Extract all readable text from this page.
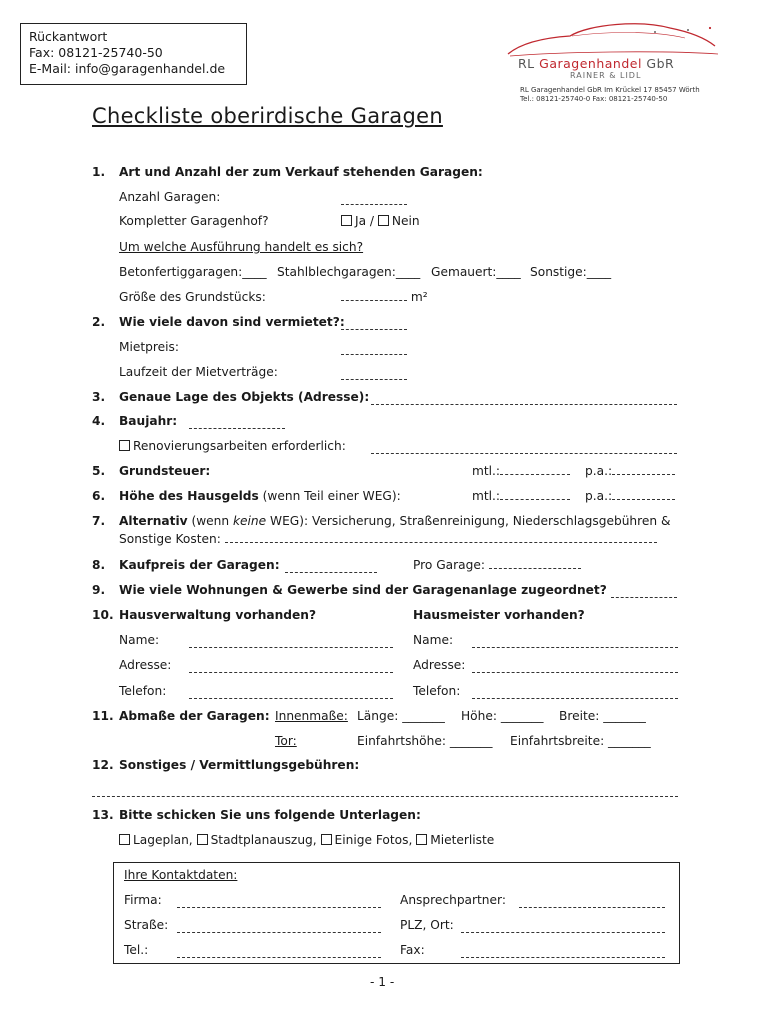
Rückantwort
Fax: 08121-25740-50
E-Mail: info@garagenhandel.de	RL Garagenhandel GbR
RAINER & LIDL
RL Garagenhandel GbR Im Krückel 17 85457 Wörth
Tel.: 08121-25740-0 Fax: 08121-25740-50
Checkliste oberirdische Garagen
1. Art und Anzahl der zum Verkauf stehenden Garagen:
Anzahl Garagen:
Kompletter Garagenhof?	Ja / Nein
Um welche Ausführung handelt es sich?
Betonfertiggaragen:____ Stahlblechgaragen:____ Gemauert:____ Sonstige:____
Größe des Grundstücks:	m²
2. Wie viele davon sind vermietet?:
Mietpreis:
Laufzeit der Mietverträge:
3. Genaue Lage des Objekts (Adresse):
4. Baujahr:
Renovierungsarbeiten erforderlich:
5. Grundsteuer:	mtl.:	p.a.:
6. Höhe des Hausgelds (wenn Teil einer WEG):	mtl.:	p.a.:
7. Alternativ (wenn keine WEG): Versicherung, Straßenreinigung, Niederschlagsgebühren &
Sonstige Kosten:
8. Kaufpreis der Garagen:	Pro Garage:
9. Wie viele Wohnungen & Gewerbe sind der Garagenanlage zugeordnet?
10. Hausverwaltung vorhanden?	Hausmeister vorhanden?
Name:	Name:
Adresse:	Adresse:
Telefon:	Telefon:
11. Abmaße der Garagen: Innenmaße: Länge: _______ Höhe: _______ Breite: _______
Tor:	Einfahrtshöhe: _______ Einfahrtsbreite: _______
12. Sonstiges / Vermittlungsgebühren:
13. Bitte schicken Sie uns folgende Unterlagen:
Lageplan, Stadtplanauszug, Einige Fotos, Mieterliste
Ihre Kontaktdaten:
Firma:	Ansprechpartner:
Straße:	PLZ, Ort:
Tel.:	Fax:
- 1 -
